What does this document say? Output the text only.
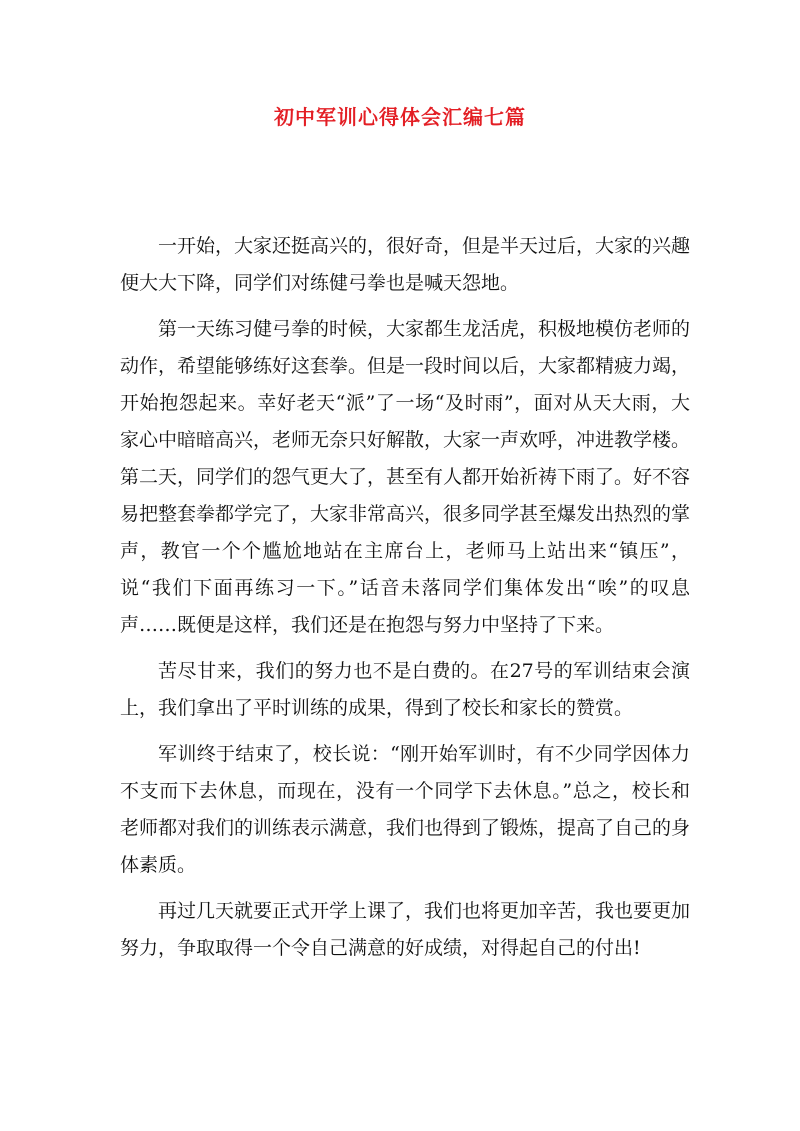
初中军训心得体会汇编七篇

一开始，大家还挺高兴的，很好奇，但是半天过后，大家的兴趣便大大下降，同学们对练健弓拳也是喊天怨地。

第一天练习健弓拳的时候，大家都生龙活虎，积极地模仿老师的动作，希望能够练好这套拳。但是一段时间以后，大家都精疲力竭，开始抱怨起来。幸好老天“派”了一场“及时雨”，面对从天大雨，大家心中暗暗高兴，老师无奈只好解散，大家一声欢呼，冲进教学楼。第二天，同学们的怨气更大了，甚至有人都开始祈祷下雨了。好不容易把整套拳都学完了，大家非常高兴，很多同学甚至爆发出热烈的掌声，教官一个个尴尬地站在主席台上，老师马上站出来“镇压”，说“我们下面再练习一下。”话音未落同学们集体发出“唉”的叹息声……既便是这样，我们还是在抱怨与努力中坚持了下来。

苦尽甘来，我们的努力也不是白费的。在27号的军训结束会演上，我们拿出了平时训练的成果，得到了校长和家长的赞赏。

军训终于结束了，校长说：“刚开始军训时，有不少同学因体力不支而下去休息，而现在，没有一个同学下去休息。”总之，校长和老师都对我们的训练表示满意，我们也得到了锻炼，提高了自己的身体素质。

再过几天就要正式开学上课了，我们也将更加辛苦，我也要更加努力，争取取得一个令自己满意的好成绩，对得起自己的付出!
